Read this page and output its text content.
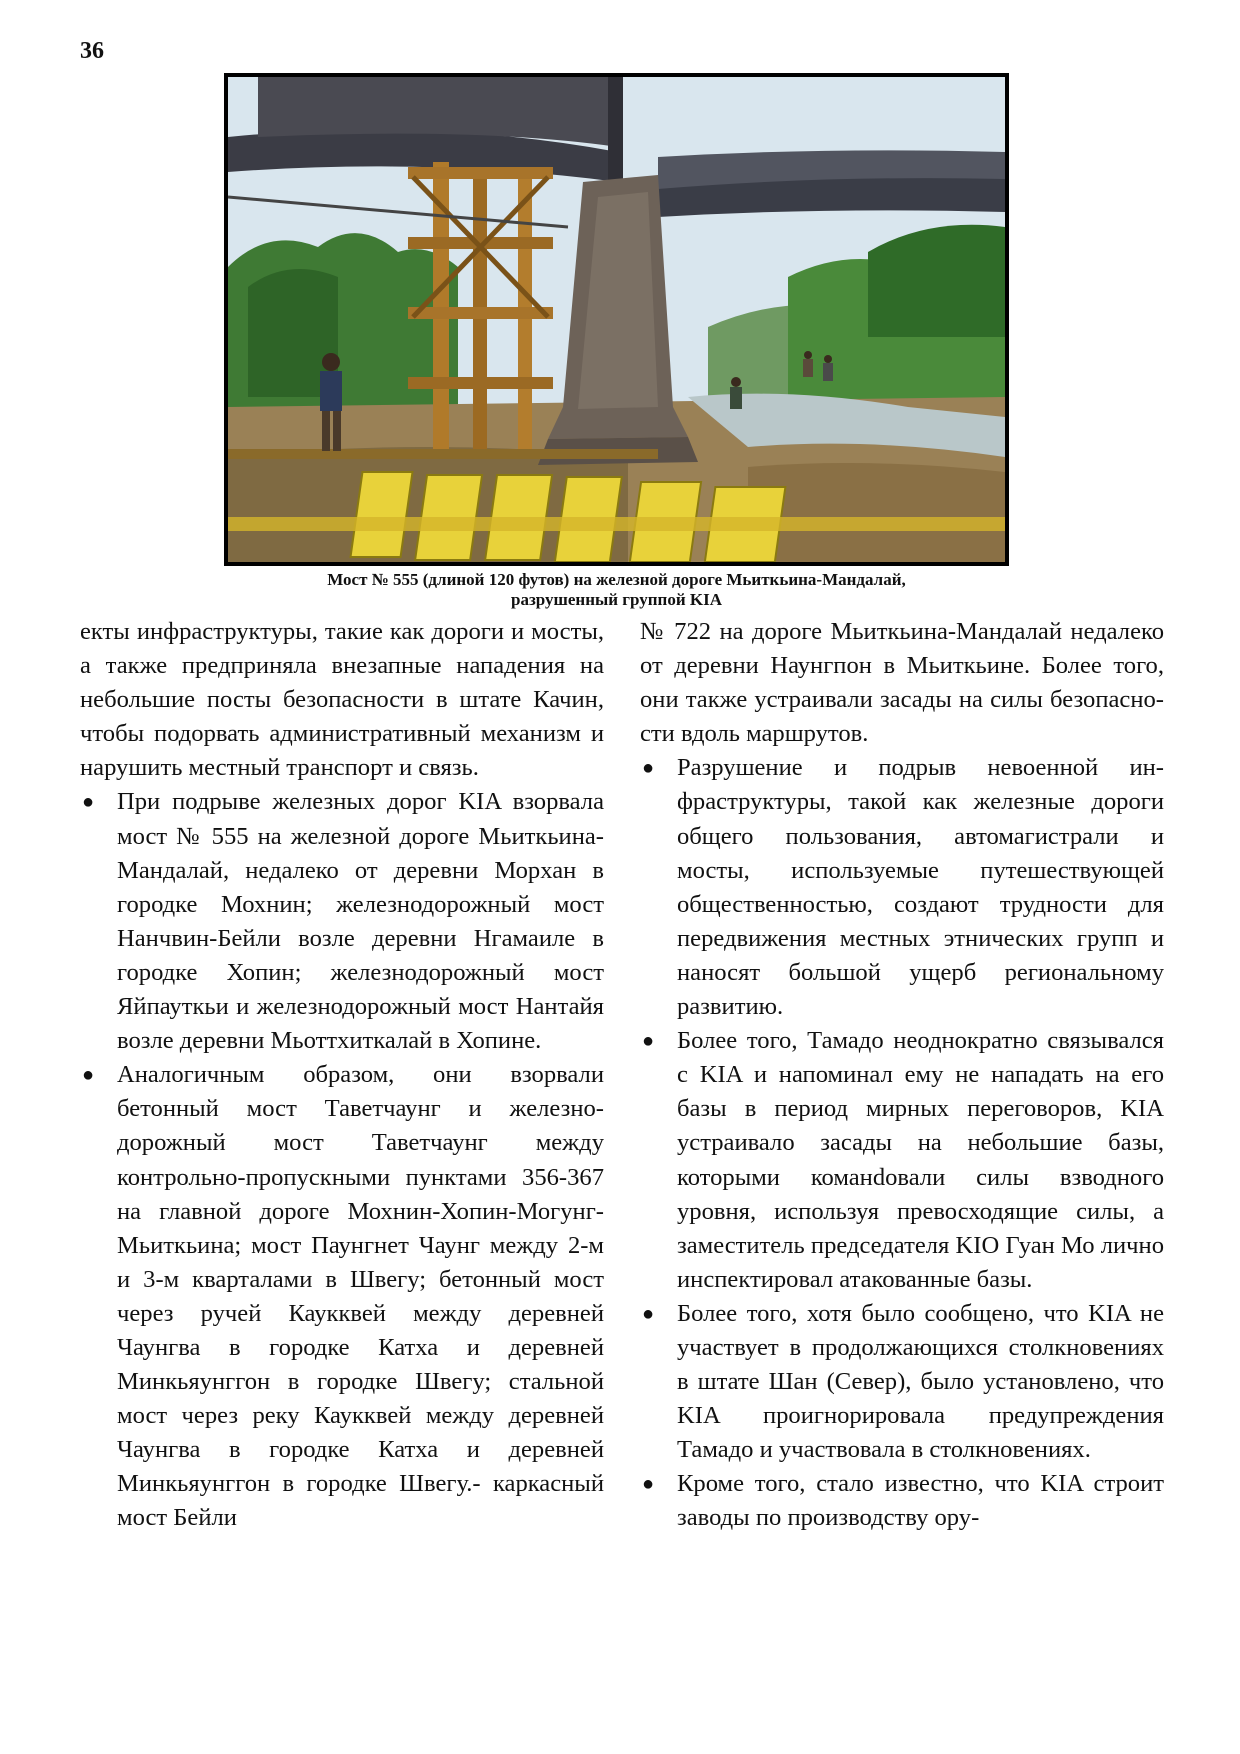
36
Мост № 555 (длиной 120 футов) на железной дороге Мьиткьина-Мандалай,
разрушенный группой KIA

екты инфраструктуры, такие как дороги и мосты, а также предприняла внезапные нападения на небольшие посты безопасности в штате Качин, чтобы подорвать административный механизм и нарушить местный транспорт и связь.

● При подрыве железных дорог KIA взорвала мост № 555 на железной дороге Мьиткьина-Мандалай, недалеко от деревни Морхан в городке Мохнин; железнодорожный мост Нанчвин-Бейли возле деревни Нгамаиле в городке Хопин; железнодорожный мост Яйпауткьи и железнодорожный мост Нантайя возле деревни Мьоттхиткалай в Хопине.

● Аналогичным образом, они взорвали бетонный мост Таветчаунг и железнодорожный мост Таветчаунг между контрольно-пропускными пунктами 356-367 на главной дороге Мохнин-Хопин-Могунг-Мьиткьина; мост Паунгнет Чаунг между 2-м и 3-м кварталами в Швегу; бетонный мост через ручей Каукквей между деревней Чаунгва в городке Катха и деревней Минкьяунггон в городке Швегу; стальной мост через реку Каукквей между деревней Чаунгва в городке Катха и деревней Минкьяунггон в городке Швегу.- каркасный мост Бейли

№ 722 на дороге Мьиткьина-Мандалай недалеко от деревни Наунгпон в Мьиткьине. Более того, они также устраивали засады на силы безопасности вдоль маршрутов.

● Разрушение и подрыв невоенной инфраструктуры, такой как железные дороги общего пользования, автомагистрали и мосты, используемые путешествующей общественностью, создают трудности для передвижения местных этнических групп и наносят большой ущерб региональному развитию.

● Более того, Тамадо неоднократно связывался с KIA и напоминал ему не нападать на его базы в период мирных переговоров, KIA устраивало засады на небольшие базы, которыми команdовали силы взводного уровня, используя превосходящие силы, а заместитель председателя KIO Гуан Мо лично инспектировал атакованные базы.

● Более того, хотя было сообщено, что KIA не участвует в продолжающихся столкновениях в штате Шан (Север), было установлено, что KIA проигнорировала предупреждения Тамадо и участвовала в столкновениях.

● Кроме того, стало известно, что KIA строит заводы по производству ору-
